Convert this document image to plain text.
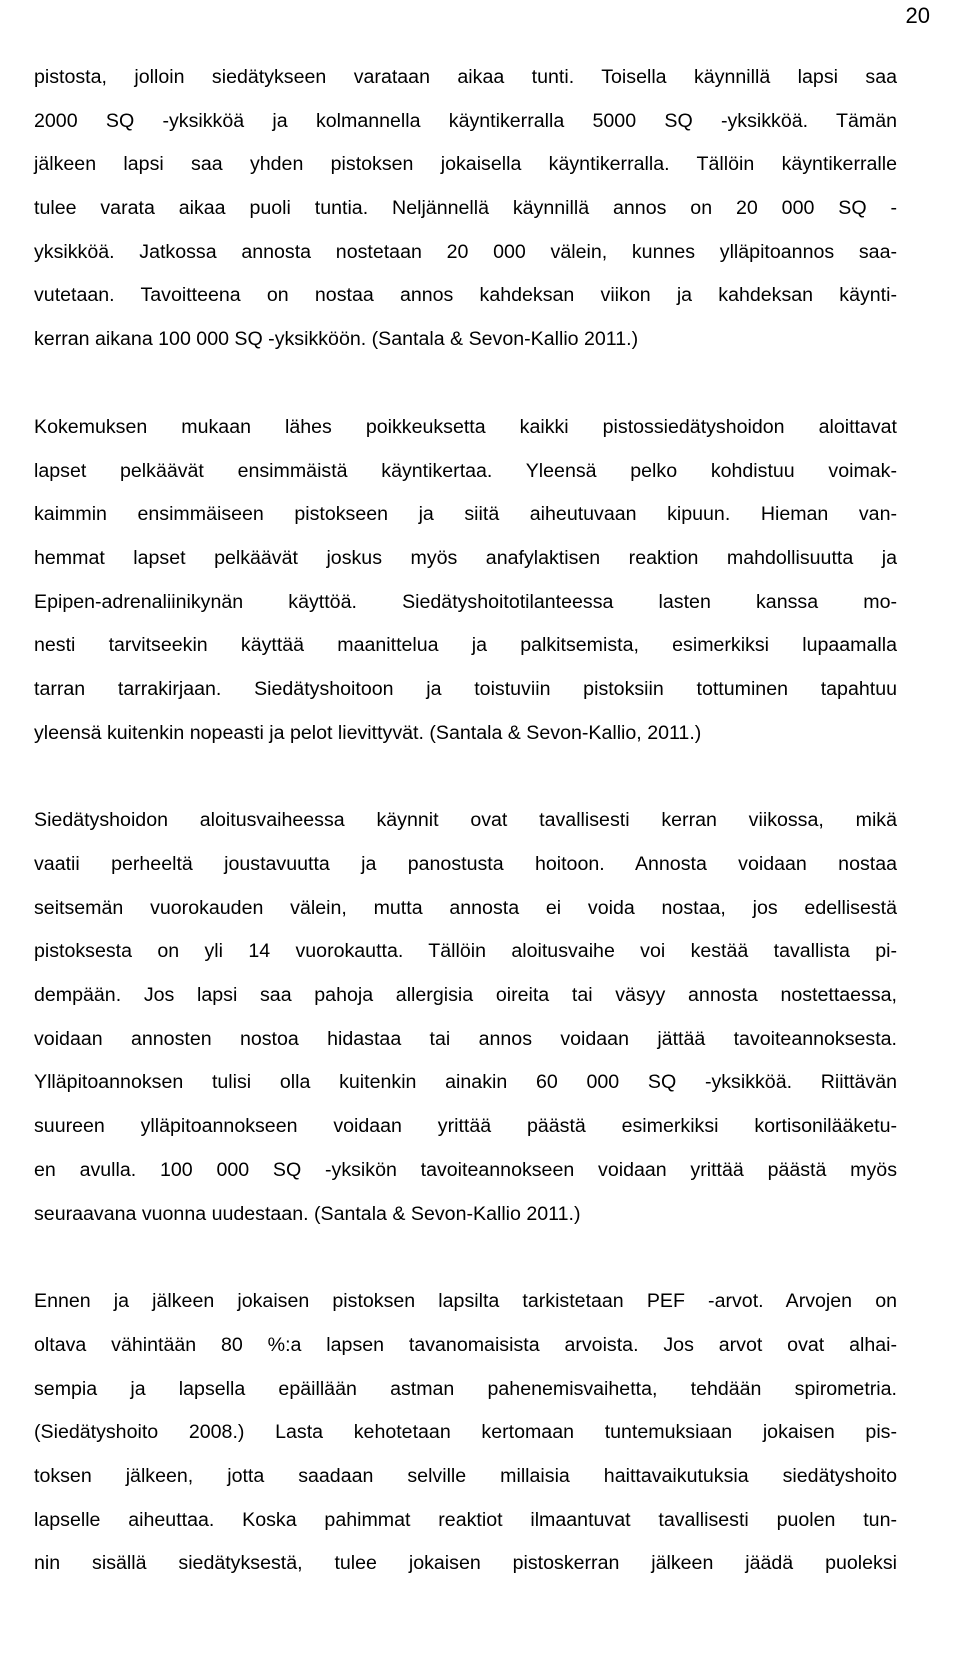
20

pistosta, jolloin siedätykseen varataan aikaa tunti. Toisella käynnillä lapsi saa
2000 SQ -yksikköä ja kolmannella käyntikerralla 5000 SQ -yksikköä. Tämän
jälkeen lapsi saa yhden pistoksen jokaisella käyntikerralla. Tällöin käyntikerralle
tulee varata aikaa puoli tuntia. Neljännellä käynnillä annos on 20 000 SQ -
yksikköä. Jatkossa annosta nostetaan 20 000 välein, kunnes ylläpitoannos saa-
vutetaan. Tavoitteena on nostaa annos kahdeksan viikon ja kahdeksan käynti-
kerran aikana 100 000 SQ -yksikköön. (Santala & Sevon-Kallio 2011.)

Kokemuksen mukaan lähes poikkeuksetta kaikki pistossiedätyshoidon aloittavat
lapset pelkäävät ensimmäistä käyntikertaa. Yleensä pelko kohdistuu voimak-
kaimmin ensimmäiseen pistokseen ja siitä aiheutuvaan kipuun. Hieman van-
hemmat lapset pelkäävät joskus myös anafylaktisen reaktion mahdollisuutta ja
Epipen-adrenaliinikynän käyttöä. Siedätyshoitotilanteessa lasten kanssa mo-
nesti tarvitseekin käyttää maanittelua ja palkitsemista, esimerkiksi lupaamalla
tarran tarrakirjaan. Siedätyshoitoon ja toistuviin pistoksiin tottuminen tapahtuu
yleensä kuitenkin nopeasti ja pelot lievittyvät. (Santala & Sevon-Kallio, 2011.)

Siedätyshoidon aloitusvaiheessa käynnit ovat tavallisesti kerran viikossa, mikä
vaatii perheeltä joustavuutta ja panostusta hoitoon. Annosta voidaan nostaa
seitsemän vuorokauden välein, mutta annosta ei voida nostaa, jos edellisestä
pistoksesta on yli 14 vuorokautta. Tällöin aloitusvaihe voi kestää tavallista pi-
dempään. Jos lapsi saa pahoja allergisia oireita tai väsyy annosta nostettaessa,
voidaan annosten nostoa hidastaa tai annos voidaan jättää tavoiteannoksesta.
Ylläpitoannoksen tulisi olla kuitenkin ainakin 60 000 SQ -yksikköä. Riittävän
suureen ylläpitoannokseen voidaan yrittää päästä esimerkiksi kortisonilääketu-
en avulla. 100 000 SQ -yksikön tavoiteannokseen voidaan yrittää päästä myös
seuraavana vuonna uudestaan. (Santala & Sevon-Kallio 2011.)

Ennen ja jälkeen jokaisen pistoksen lapsilta tarkistetaan PEF -arvot. Arvojen on
oltava vähintään 80 %:a lapsen tavanomaisista arvoista. Jos arvot ovat alhai-
sempia ja lapsella epäillään astman pahenemisvaihetta, tehdään spirometria.
(Siedätyshoito 2008.) Lasta kehotetaan kertomaan tuntemuksiaan jokaisen pis-
toksen jälkeen, jotta saadaan selville millaisia haittavaikutuksia siedätyshoito
lapselle aiheuttaa. Koska pahimmat reaktiot ilmaantuvat tavallisesti puolen tun-
nin sisällä siedätyksestä, tulee jokaisen pistoskerran jälkeen jäädä puoleksi
